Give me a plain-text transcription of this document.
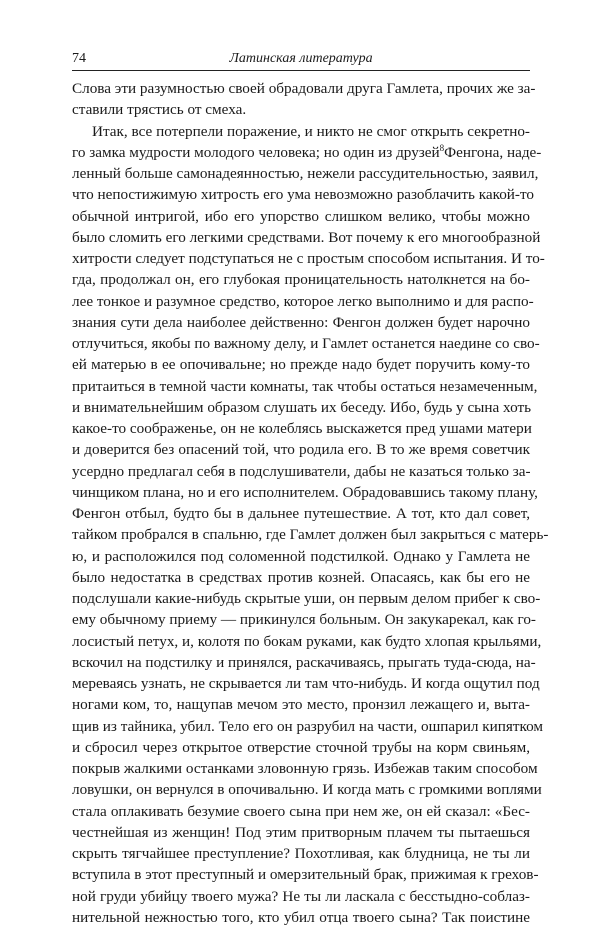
74	Латинская литература
Слова эти разумностью своей обрадовали друга Гамлета, прочих же за-
ставили трястись от смеха.
Итак, все потерпели поражение, и никто не смог открыть секретно-
го замка мудрости молодого человека; но один из друзей$^8$Фенгона, наде-
ленный больше самонадеянностью, нежели рассудительностью, заявил,
что непостижимую хитрость его ума невозможно разоблачить какой-то
обычной интригой, ибо его упорство слишком велико, чтобы можно
было сломить его легкими средствами. Вот почему к его многообразной
хитрости следует подступаться не с простым способом испытания. И то-
гда, продолжал он, его глубокая проницательность натолкнется на бо-
лее тонкое и разумное средство, которое легко выполнимо и для распо-
знания сути дела наиболее действенно: Фенгон должен будет нарочно
отлучиться, якобы по важному делу, и Гамлет останется наедине со сво-
ей матерью в ее опочивальне; но прежде надо будет поручить кому-то
притаиться в темной части комнаты, так чтобы остаться незамеченным,
и внимательнейшим образом слушать их беседу. Ибо, будь у сына хоть
какое-то соображенье, он не колеблясь выскажется пред ушами матери
и доверится без опасений той, что родила его. В то же время советчик
усердно предлагал себя в подслушиватели, дабы не казаться только за-
чинщиком плана, но и его исполнителем. Обрадовавшись такому плану,
Фенгон отбыл, будто бы в дальнее путешествие. А тот, кто дал совет,
тайком пробрался в спальню, где Гамлет должен был закрыться с матерь-
ю, и расположился под соломенной подстилкой. Однако у Гамлета не
было недостатка в средствах против козней. Опасаясь, как бы его не
подслушали какие-нибудь скрытые уши, он первым делом прибег к сво-
ему обычному приему — прикинулся больным. Он закукарекал, как го-
лосистый петух, и, колотя по бокам руками, как будто хлопая крыльями,
вскочил на подстилку и принялся, раскачиваясь, прыгать туда-сюда, на-
мереваясь узнать, не скрывается ли там что-нибудь. И когда ощутил под
ногами ком, то, нащупав мечом это место, пронзил лежащего и, выта-
щив из тайника, убил. Тело его он разрубил на части, ошпарил кипятком
и сбросил через открытое отверстие сточной трубы на корм свиньям,
покрыв жалкими останками зловонную грязь. Избежав таким способом
ловушки, он вернулся в опочивальню. И когда мать с громкими воплями
стала оплакивать безумие своего сына при нем же, он ей сказал: «Бес-
честнейшая из женщин! Под этим притворным плачем ты пытаешься
скрыть тягчайшее преступление? Похотливая, как блудница, не ты ли
вступила в этот преступный и омерзительный брак, прижимая к грехов-
ной груди убийцу твоего мужа? Не ты ли ласкала с бесстыдно-соблаз-
нительной нежностью того, кто убил отца твоего сына? Так поистине
